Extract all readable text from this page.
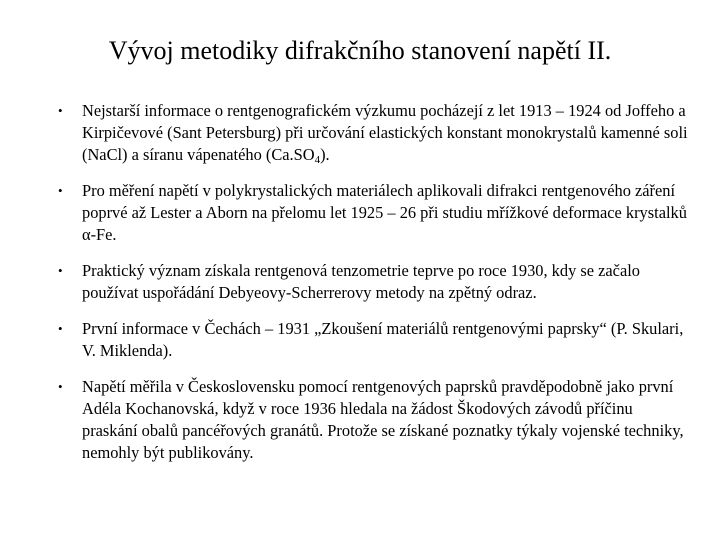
Vývoj metodiky difrakčního stanovení napětí II.
• Nejstarší informace o rentgenografickém výzkumu pocházejí z let 1913 – 1924 od Joffeho a Kirpičevové (Sant Petersburg) při určování elastických konstant monokrystalů kamenné soli (NaCl) a síranu vápenatého $(Ca.SO_4)$.
• Pro měření napětí v polykrystalických materiálech aplikovali difrakci rentgenového záření poprvé až Lester a Aborn na přelomu let 1925 – 26 při studiu mřížkové deformace krystalků α-Fe.
• Praktický význam získala rentgenová tenzometrie teprve po roce 1930, kdy se začalo používat uspořádání Debyeovy-Scherrerovy metody na zpětný odraz.
• První informace v Čechách – 1931 „Zkoušení materiálů rentgenovými paprsky“ (P. Skulari, V. Miklenda).
• Napětí měřila v Československu pomocí rentgenových paprsků pravděpodobně jako první Adéla Kochanovská, když v roce 1936 hledala na žádost Škodových závodů příčinu praskání obalů pancéřových granátů. Protože se získané poznatky týkaly vojenské techniky, nemohly být publikovány.
